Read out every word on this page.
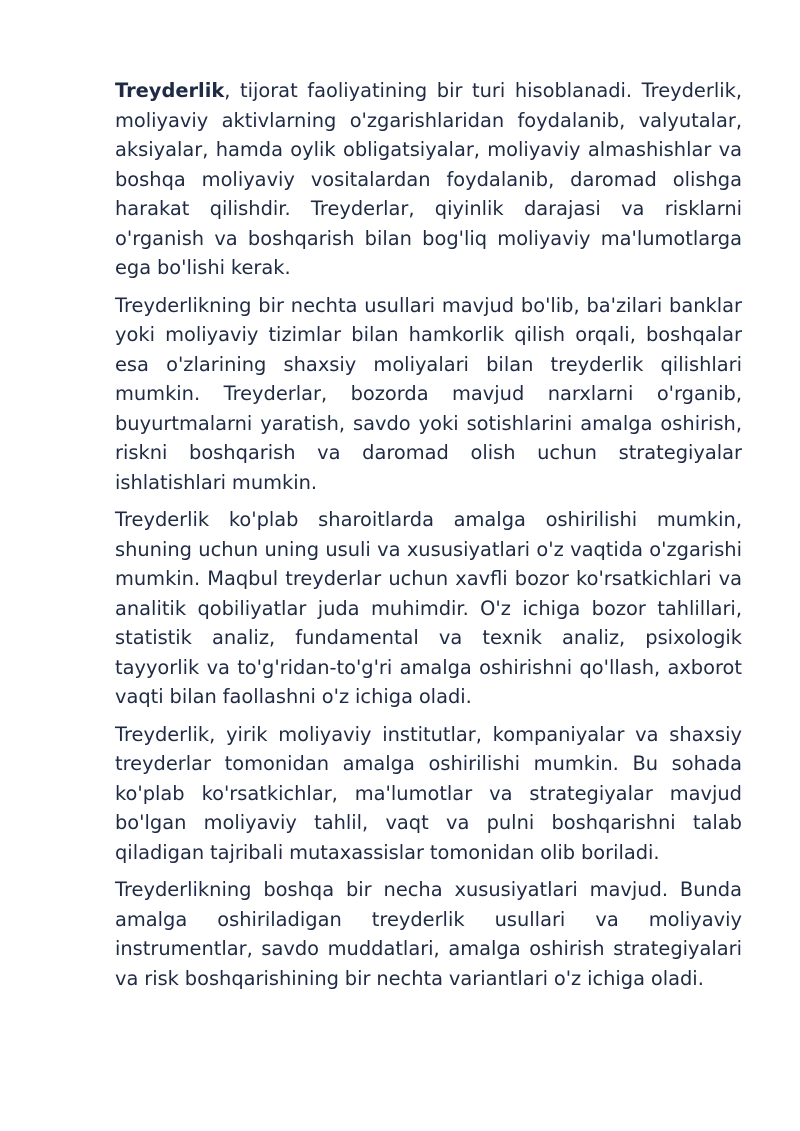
Treyderlik, tijorat faoliyatining bir turi hisoblanadi. Treyderlik, moliyaviy aktivlarning o'zgarishlaridan foydalanib, valyutalar, aksiyalar, hamda oylik obligatsiyalar, moliyaviy almashishlar va boshqa moliyaviy vositalardan foydalanib, daromad olishga harakat qilishdir. Treyderlar, qiyinlik darajasi va risklarni o'rganish va boshqarish bilan bog'liq moliyaviy ma'lumotlarga ega bo'lishi kerak.

Treyderlikning bir nechta usullari mavjud bo'lib, ba'zilari banklar yoki moliyaviy tizimlar bilan hamkorlik qilish orqali, boshqalar esa o'zlarining shaxsiy moliyalari bilan treyderlik qilishlari mumkin. Treyderlar, bozorda mavjud narxlarni o'rganib, buyurtmalarni yaratish, savdo yoki sotishlarini amalga oshirish, riskni boshqarish va daromad olish uchun strategiyalar ishlatishlari mumkin.

Treyderlik ko'plab sharoitlarda amalga oshirilishi mumkin, shuning uchun uning usuli va xususiyatlari o'z vaqtida o'zgarishi mumkin. Maqbul treyderlar uchun xavfli bozor ko'rsatkichlari va analitik qobiliyatlar juda muhimdir. O'z ichiga bozor tahlillari, statistik analiz, fundamental va texnik analiz, psixologik tayyorlik va to'g'ridan-to'g'ri amalga oshirishni qo'llash, axborot vaqti bilan faollashni o'z ichiga oladi.

Treyderlik, yirik moliyaviy institutlar, kompaniyalar va shaxsiy treyderlar tomonidan amalga oshirilishi mumkin. Bu sohada ko'plab ko'rsatkichlar, ma'lumotlar va strategiyalar mavjud bo'lgan moliyaviy tahlil, vaqt va pulni boshqarishni talab qiladigan tajribali mutaxassislar tomonidan olib boriladi.

Treyderlikning boshqa bir necha xususiyatlari mavjud. Bunda amalga oshiriladigan treyderlik usullari va moliyaviy instrumentlar, savdo muddatlari, amalga oshirish strategiyalari va risk boshqarishining bir nechta variantlari o'z ichiga oladi.
